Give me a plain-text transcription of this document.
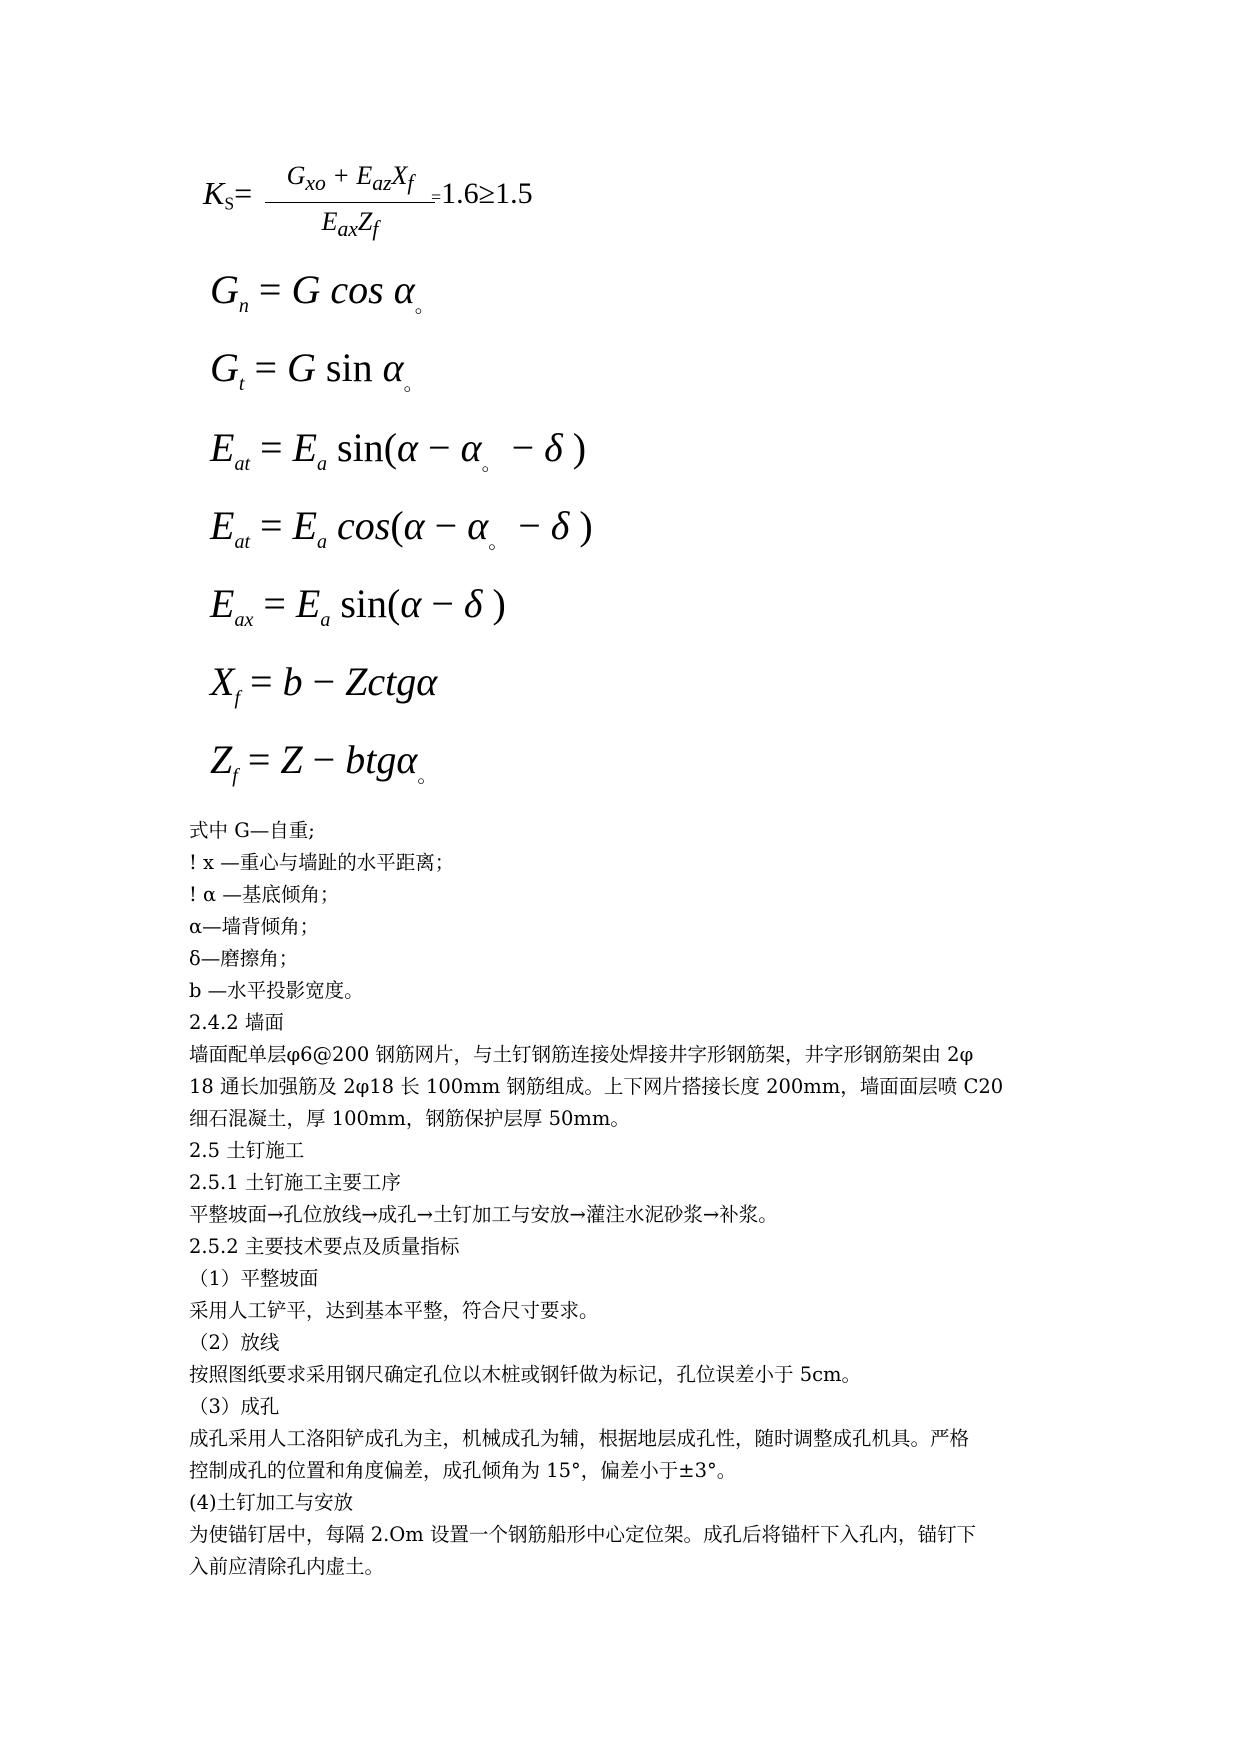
$K_S=$	$G_{xo} + E_{az}X_f$
$E_{ax}Z_f$
=1.6≥1.5
$G_n = G$ $\cos \alpha_。$
$G_t = G$ $\sin \alpha_。$
$E_{at} = E_a$ $\sin(\alpha - \alpha_。 - \delta$ )
$E_{at} = E_a$ $\cos(\alpha - \alpha_。 - \delta$ )
$E_{ax} = E_a$ sin(α − δ )
$X_f = b$ − Zctgα
$Z_f = Z - btg\alpha_。$
式中 G—自重;
! x —重心与墙趾的水平距离；
! α —基底倾角；
α—墙背倾角；
δ—磨擦角；
b —水平投影宽度。
2.4.2 墙面
墙面配单层φ6@200 钢筋网片，与土钉钢筋连接处焊接井字形钢筋架，井字形钢筋架由 2φ
18 通长加强筋及 2φ18 长 100mm 钢筋组成。上下网片搭接长度 200mm，墙面面层喷 C20
细石混凝土，厚 100mm，钢筋保护层厚 50mm。
2.5 土钉施工
2.5.1 土钉施工主要工序
平整坡面→孔位放线→成孔→土钉加工与安放→灌注水泥砂浆→补浆。
2.5.2 主要技术要点及质量指标
（1）平整坡面
采用人工铲平，达到基本平整，符合尺寸要求。
（2）放线
按照图纸要求采用钢尺确定孔位以木桩或钢钎做为标记，孔位误差小于 5cm。
（3）成孔
成孔采用人工洛阳铲成孔为主，机械成孔为辅，根据地层成孔性，随时调整成孔机具。严格
控制成孔的位置和角度偏差，成孔倾角为 15°，偏差小于±3°。
(4)土钉加工与安放
为使锚钉居中，每隔 2.Om 设置一个钢筋船形中心定位架。成孔后将锚杆下入孔内，锚钉下
入前应清除孔内虚土。
